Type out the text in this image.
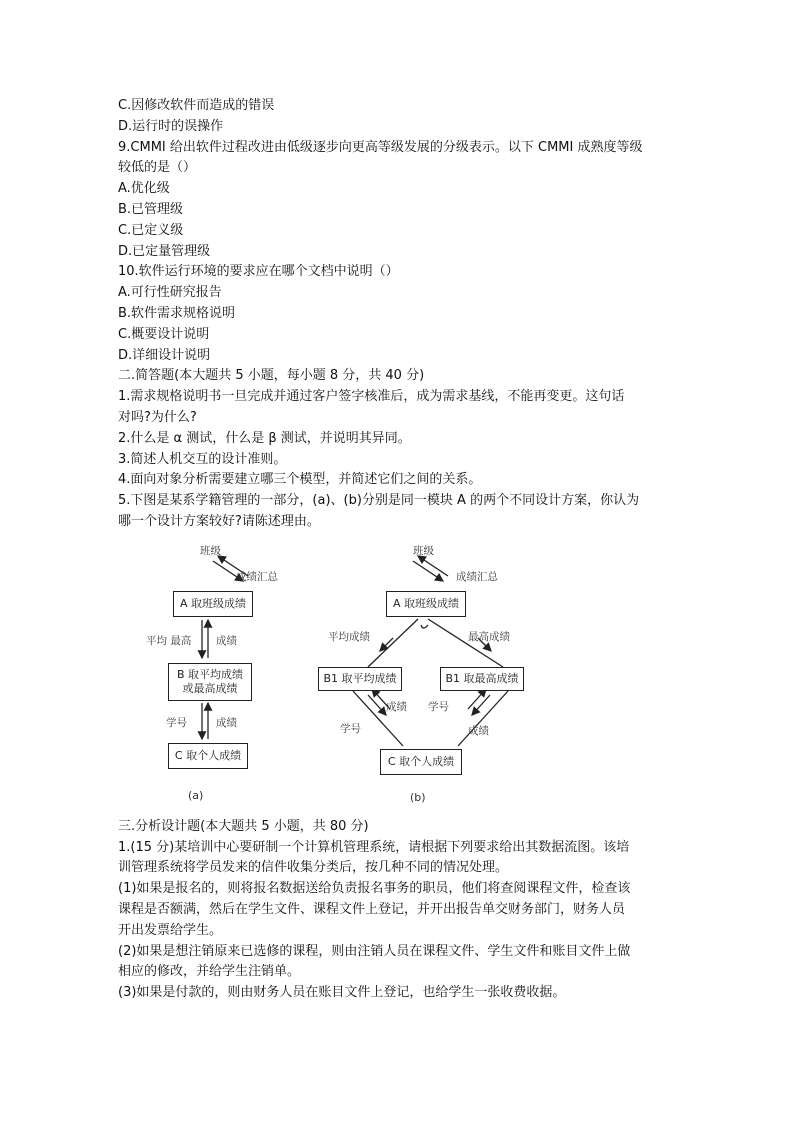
C.因修改软件而造成的错误
D.运行时的误操作
9.CMMI 给出软件过程改进由低级逐步向更高等级发展的分级表示。以下 CMMI 成熟度等级
较低的是（）
A.优化级
B.已管理级
C.已定义级
D.已定量管理级
10.软件运行环境的要求应在哪个文档中说明（）
A.可行性研究报告
B.软件需求规格说明
C.概要设计说明
D.详细设计说明
二.简答题(本大题共 5 小题，每小题 8 分，共 40 分)
1.需求规格说明书一旦完成并通过客户签字核准后，成为需求基线，不能再变更。这句话
对吗?为什么?
2.什么是 α 测试，什么是 β 测试，并说明其异同。
3.简述人机交互的设计准则。
4.面向对象分析需要建立哪三个模型，并简述它们之间的关系。
5.下图是某系学籍管理的一部分，(a)、(b)分别是同一模块 A 的两个不同设计方案，你认为
哪一个设计方案较好?请陈述理由。
班级
成绩汇总
A 取班级成绩
平均 最高 成绩
B 取平均成绩
或最高成绩
学号	成绩
C 取个人成绩
(a)
班级
成绩汇总
A 取班级成绩
平均成绩	最高成绩
B1 取平均成绩	B1 取最高成绩
成绩
学号
学号
成绩
C 取个人成绩
(b)
三.分析设计题(本大题共 5 小题，共 80 分)
1.(15 分)某培训中心要研制一个计算机管理系统，请根据下列要求给出其数据流图。该培
训管理系统将学员发来的信件收集分类后，按几种不同的情况处理。
(1)如果是报名的，则将报名数据送给负责报名事务的职员，他们将查阅课程文件，检查该
课程是否额满，然后在学生文件、课程文件上登记，并开出报告单交财务部门，财务人员
开出发票给学生。
(2)如果是想注销原来已选修的课程，则由注销人员在课程文件、学生文件和账目文件上做
相应的修改，并给学生注销单。
(3)如果是付款的，则由财务人员在账目文件上登记，也给学生一张收费收据。
